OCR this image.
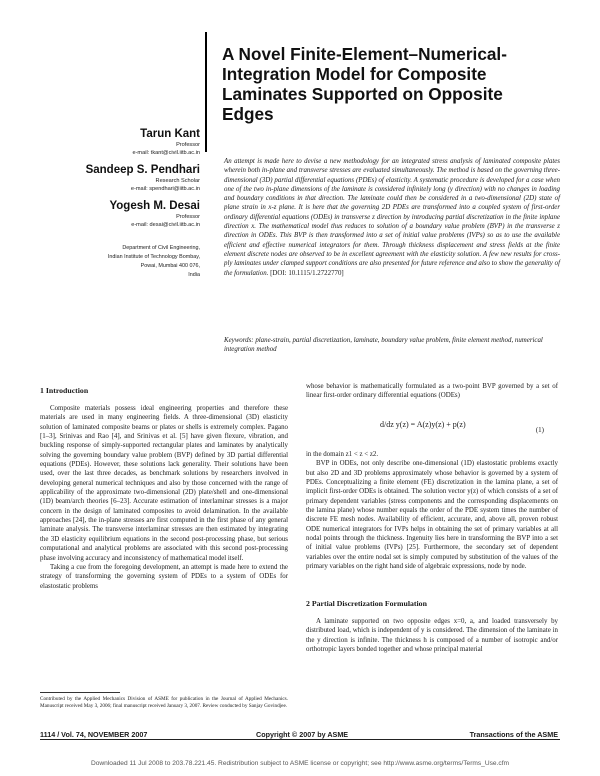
A Novel Finite-Element–Numerical-Integration Model for Composite Laminates Supported on Opposite Edges
Tarun Kant
Professor
e-mail: tkant@civil.iitb.ac.in
Sandeep S. Pendhari
Research Scholar
e-mail: spendhari@iitb.ac.in
Yogesh M. Desai
Professor
e-mail: desai@civil.iitb.ac.in
Department of Civil Engineering,
Indian Institute of Technology Bombay,
Powai, Mumbai 400 076,
India
An attempt is made here to devise a new methodology for an integrated stress analysis of laminated composite plates wherein both in-plane and transverse stresses are evaluated simultaneously. The method is based on the governing three-dimensional (3D) partial differential equations (PDEs) of elasticity. A systematic procedure is developed for a case when one of the two in-plane dimensions of the laminate is considered infinitely long (y direction) with no changes in loading and boundary conditions in that direction. The laminate could then be considered in a two-dimensional (2D) state of plane strain in x-z plane. It is here that the governing 2D PDEs are transformed into a coupled system of first-order ordinary differential equations (ODEs) in transverse z direction by introducing partial discretization in the finite inplane direction x. The mathematical model thus reduces to solution of a boundary value problem (BVP) in the transverse z direction in ODEs. This BVP is then transformed into a set of initial value problems (IVPs) so as to use the available efficient and effective numerical integrators for them. Through thickness displacement and stress fields at the finite element discrete nodes are observed to be in excellent agreement with the elasticity solution. A few new results for cross-ply laminates under clamped support conditions are also presented for future reference and also to show the generality of the formulation. [DOI: 10.1115/1.2722770]
Keywords: plane-strain, partial discretization, laminate, boundary value problem, finite element method, numerical integration method
1 Introduction

Composite materials possess ideal engineering properties and therefore these materials are used in many engineering fields. A three-dimensional (3D) elasticity solution of laminated composite beams or plates or shells is extremely complex. Pagano [1–3], Srinivas and Rao [4], and Srinivas et al. [5] have given flexure, vibration, and buckling response of simply-supported rectangular plates and laminates by analytically solving the governing boundary value problem (BVP) defined by 3D partial differential equations (PDEs). However, these solutions lack generality. Their solutions have been used, over the last three decades, as benchmark solutions by researchers involved in developing general numerical techniques and also by those concerned with the range of applicability of the approximate two-dimensional (2D) plate/shell and one-dimensional (1D) beam/arch theories [6–23]. Accurate estimation of interlaminar stresses is a major concern in the design of laminated composites to avoid delamination. In the available approaches [24], the in-plane stresses are first computed in the first phase of any general laminate analysis. The transverse interlaminar stresses are then estimated by integrating the 3D elasticity equilibrium equations in the second post-processing phase, but serious computational and analytical problems are associated with this second post-processing phase involving accuracy and inconsistency of mathematical model itself.

Taking a cue from the foregoing development, an attempt is made here to extend the strategy of transforming the governing system of PDEs to a system of ODEs for elastostatic problems

whose behavior is mathematically formulated as a two-point BVP governed by a set of linear first-order ordinary differential equations (ODEs)

d/dz y(z) = A(z)y(z) + p(z)
(1)

in the domain z1 < z < z2.

BVP in ODEs, not only describe one-dimensional (1D) elastostatic problems exactly but also 2D and 3D problems approximately whose behavior is governed by a system of PDEs. Conceptualizing a finite element (FE) discretization in the lamina plane, a set of implicit first-order ODEs is obtained. The solution vector y(z) of which consists of a set of primary dependent variables (stress components and the corresponding displacements on the lamina plane) whose number equals the order of the PDE system times the number of discrete FE mesh nodes. Availability of efficient, accurate, and, above all, proven robust ODE numerical integrators for IVPs helps in obtaining the set of primary variables at all nodal points through the thickness. Ingenuity lies here in transforming the BVP into a set of initial value problems (IVPs) [25]. Furthermore, the secondary set of dependent variables over the entire nodal set is simply computed by substitution of the values of the primary variables on the right hand side of algebraic expressions, node by node.

2 Partial Discretization Formulation

A laminate supported on two opposite edges x=0, a, and loaded transversely by distributed load, which is independent of y is considered. The dimension of the laminate in the y direction is infinite. The thickness h is composed of a number of isotropic and/or orthotropic layers bonded together and whose principal material

Contributed by the Applied Mechanics Division of ASME for publication in the Journal of Applied Mechanics. Manuscript received May 3, 2006; final manuscript received January 3, 2007. Review conducted by Sanjay Govindjee.
1114 / Vol. 74, NOVEMBER 2007	Copyright © 2007 by ASME	Transactions of the ASME
Downloaded 11 Jul 2008 to 203.78.221.45. Redistribution subject to ASME license or copyright; see http://www.asme.org/terms/Terms_Use.cfm
